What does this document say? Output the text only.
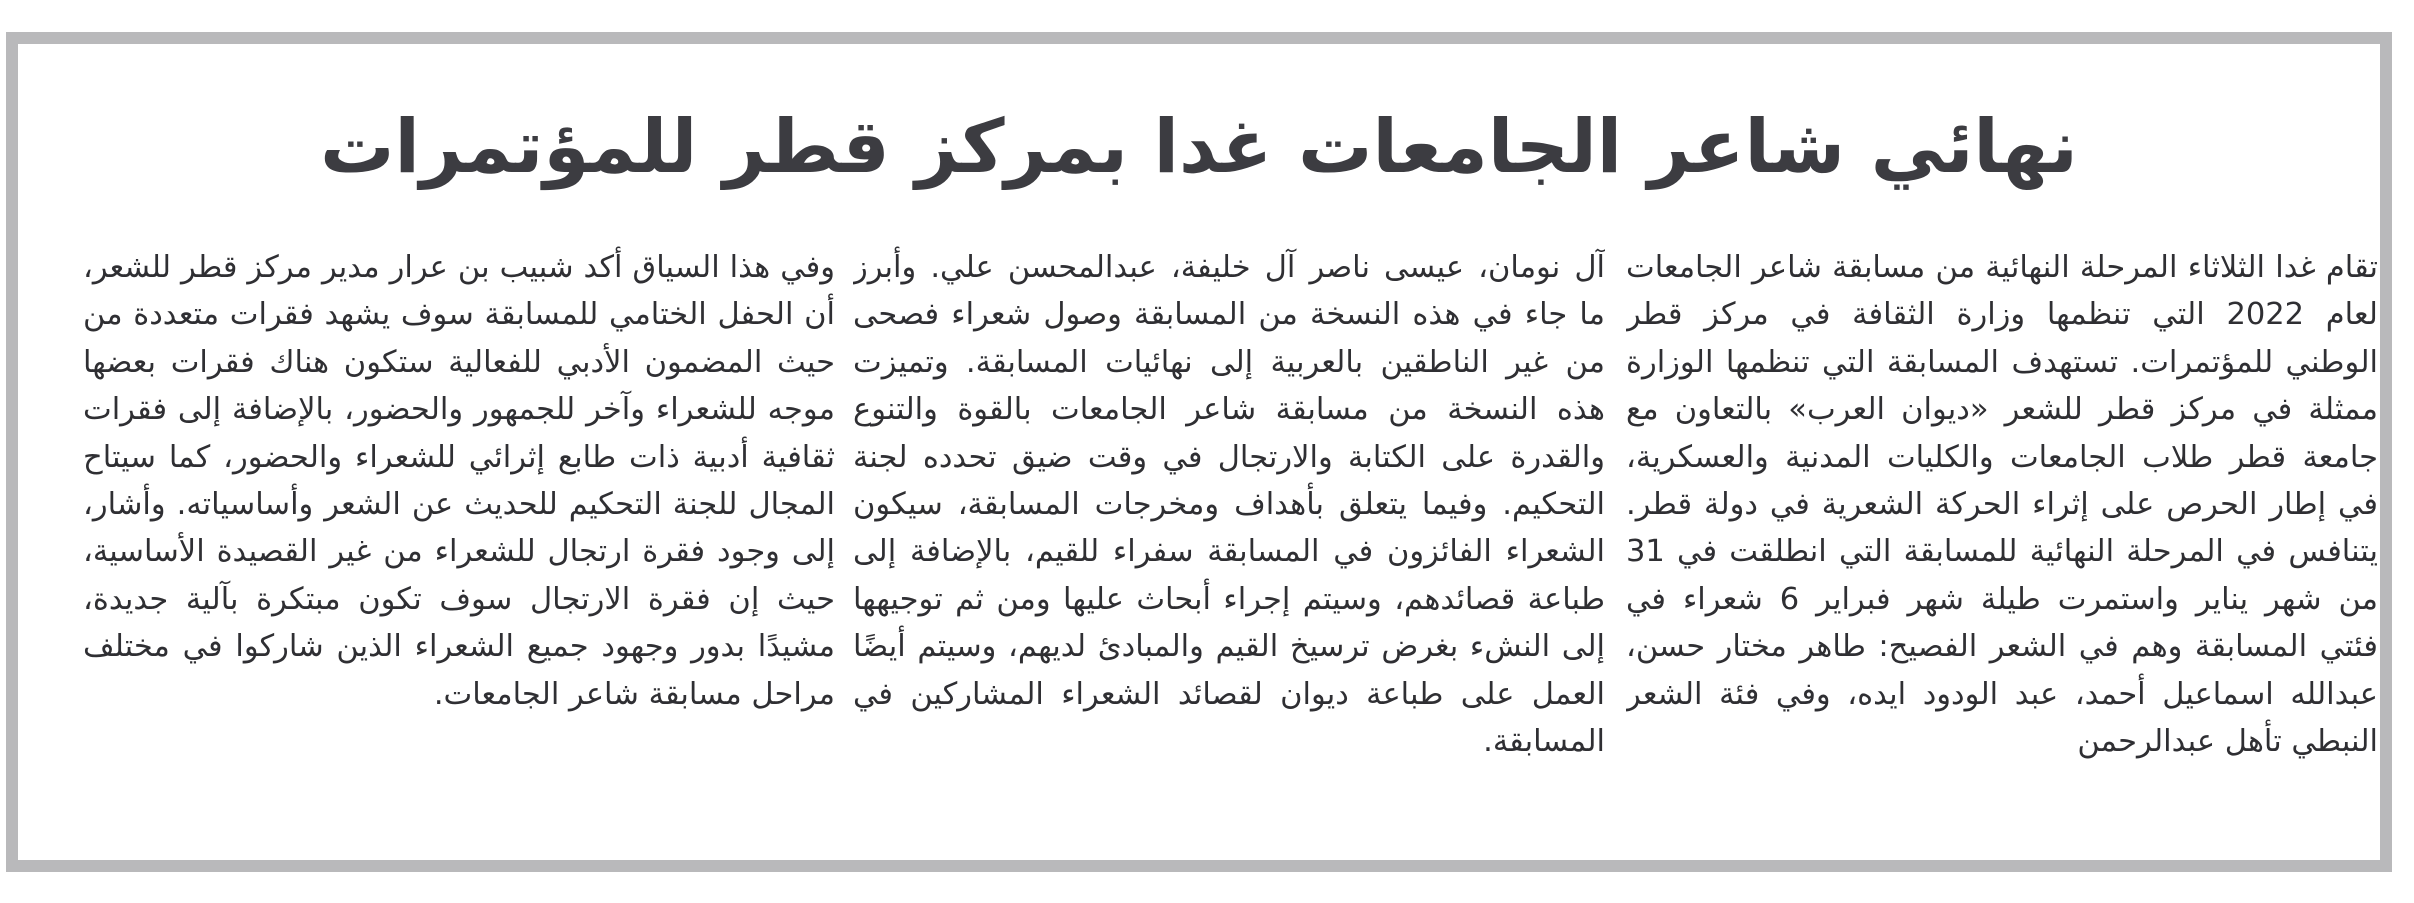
نهائي شاعر الجامعات غدا بمركز قطر للمؤتمرات

تقام غدا الثلاثاء المرحلة النهائية من مسابقة شاعر الجامعات لعام 2022 التي تنظمها وزارة الثقافة في مركز قطر الوطني للمؤتمرات. تستهدف المسابقة التي تنظمها الوزارة ممثلة في مركز قطر للشعر «ديوان العرب» بالتعاون مع جامعة قطر طلاب الجامعات والكليات المدنية والعسكرية، في إطار الحرص على إثراء الحركة الشعرية في دولة قطر. يتنافس في المرحلة النهائية للمسابقة التي انطلقت في 31 من شهر يناير واستمرت طيلة شهر فبراير 6 شعراء في فئتي المسابقة وهم في الشعر الفصيح: طاهر مختار حسن، عبدالله اسماعيل أحمد، عبد الودود ايده، وفي فئة الشعر النبطي تأهل عبدالرحمن

آل نومان، عيسى ناصر آل خليفة، عبدالمحسن علي. وأبرز ما جاء في هذه النسخة من المسابقة وصول شعراء فصحى من غير الناطقين بالعربية إلى نهائيات المسابقة. وتميزت هذه النسخة من مسابقة شاعر الجامعات بالقوة والتنوع والقدرة على الكتابة والارتجال في وقت ضيق تحدده لجنة التحكيم. وفيما يتعلق بأهداف ومخرجات المسابقة، سيكون الشعراء الفائزون في المسابقة سفراء للقيم، بالإضافة إلى طباعة قصائدهم، وسيتم إجراء أبحاث عليها ومن ثم توجيهها إلى النشء بغرض ترسيخ القيم والمبادئ لديهم، وسيتم أيضًا العمل على طباعة ديوان لقصائد الشعراء المشاركين في المسابقة.

وفي هذا السياق أكد شبيب بن عرار مدير مركز قطر للشعر، أن الحفل الختامي للمسابقة سوف يشهد فقرات متعددة من حيث المضمون الأدبي للفعالية ستكون هناك فقرات بعضها موجه للشعراء وآخر للجمهور والحضور، بالإضافة إلى فقرات ثقافية أدبية ذات طابع إثرائي للشعراء والحضور، كما سيتاح المجال للجنة التحكيم للحديث عن الشعر وأساسياته. وأشار، إلى وجود فقرة ارتجال للشعراء من غير القصيدة الأساسية، حيث إن فقرة الارتجال سوف تكون مبتكرة بآلية جديدة، مشيدًا بدور وجهود جميع الشعراء الذين شاركوا في مختلف مراحل مسابقة شاعر الجامعات.
